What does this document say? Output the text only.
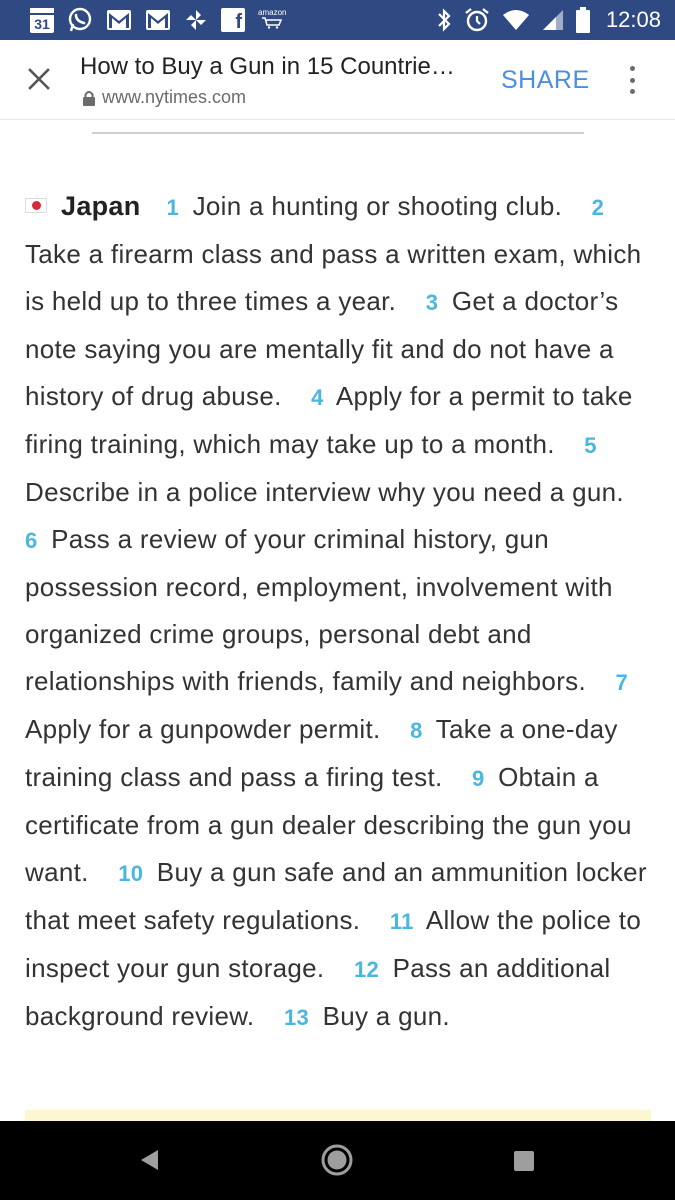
31	f	amazon	12:08
How to Buy a Gun in 15 Countrie…
www.nytimes.com
SHARE
Japan 1 Join a hunting or shooting club. 2 Take a firearm class and pass a written exam, which is held up to three times a year. 3 Get a doctor’s note saying you are mentally fit and do not have a history of drug abuse. 4 Apply for a permit to take firing training, which may take up to a month. 5 Describe in a police interview why you need a gun. 6 Pass a review of your criminal history, gun possession record, employment, involvement with organized crime groups, personal debt and relationships with friends, family and neighbors. 7 Apply for a gunpowder permit. 8 Take a one-day training class and pass a firing test. 9 Obtain a certificate from a gun dealer describing the gun you want. 10 Buy a gun safe and an ammunition locker that meet safety regulations. 11 Allow the police to inspect your gun storage. 12 Pass an additional background review. 13 Buy a gun.
